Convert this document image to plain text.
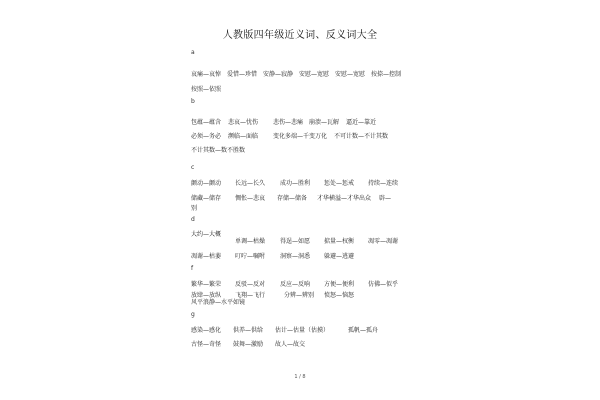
人教版四年级近义词、反义词大全
a
哀痛—哀悼 爱惜—珍惜 安静—寂静 安慰—宽慰 安慰—宽慰 按捺—控制
按照—依照
b
包蕴—蕴含 悲哀—忧伤 悲伤—悲痛 崩溃—瓦解 逼近—靠近
必须—务必 濒临—面临 变化多端—千变万化 不可计数—不计其数
不计其数—数不胜数
c
颤动—颤动 长远—长久 成功—胜利 惩处—惩戒 持续—连续
储藏—储存 惆怅—悲哀 存储—储备 才华横溢—才华出众 辟—
别
d
大约—大概
单调—枯燥 得逞—如愿 掂量—权衡 凋零—凋谢
凋谢—枯萎 叮咛—嘱咐 洞察—洞悉 躲避—逃避
f
繁华—繁荣 反驳—反对 反应—反响 方便—便利 仿佛—似乎
放肆—放纵 飞翔—飞行	分辨—辨别 愤怒—恼怒
风平浪静—水平如镜
g
感染—感化 供养—供给 估计—估量（估摸）	孤帆—孤舟
古怪—奇怪 鼓舞—激励 故人—故交
1 / 8
